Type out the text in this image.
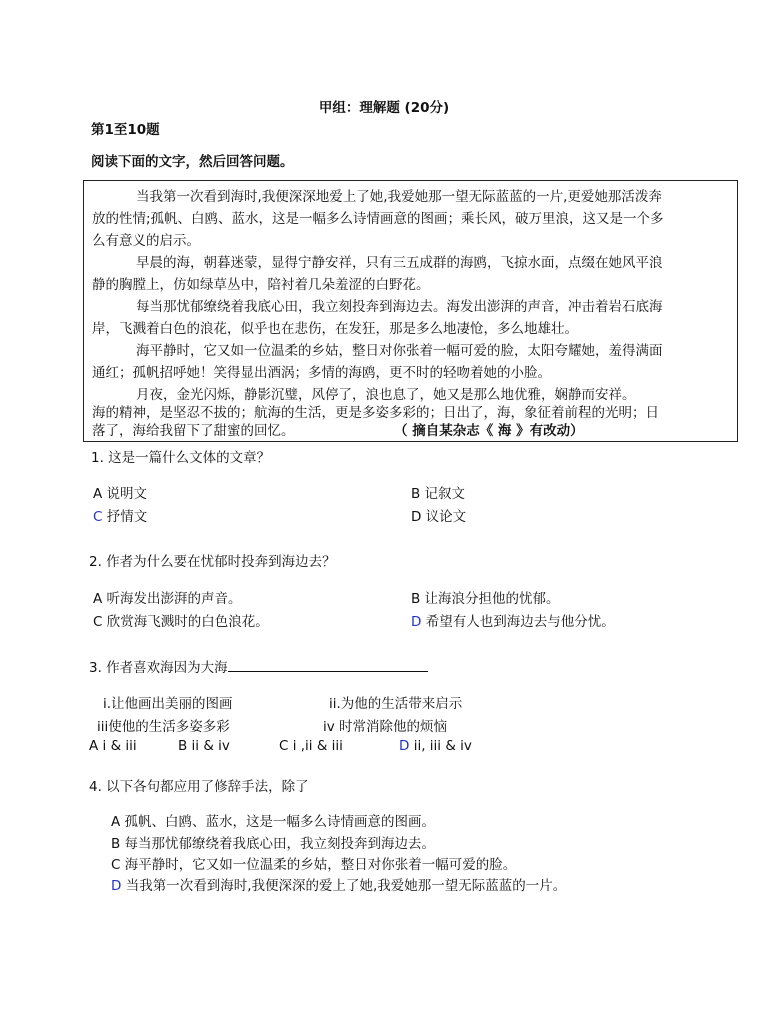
甲组：理解题 (20分)
第1至10题
阅读下面的文字，然后回答问题。
当我第一次看到海时,我便深深地爱上了她,我爱她那一望无际蓝蓝的一片,更爱她那活泼奔
放的性情;孤帆、白鸥、蓝水，这是一幅多么诗情画意的图画；乘长风，破万里浪，这又是一个多
么有意义的启示。
早晨的海，朝暮迷蒙，显得宁静安祥，只有三五成群的海鸥，飞掠水面，点缀在她风平浪
静的胸膛上，仿如绿草丛中，陪衬着几朵羞涩的白野花。
每当那忧郁缭绕着我底心田，我立刻投奔到海边去。海发出澎湃的声音，冲击着岩石底海
岸，飞溅着白色的浪花，似乎也在悲伤，在发狂，那是多么地凄怆，多么地雄壮。
海平静时，它又如一位温柔的乡姑，整日对你张着一幅可爱的脸，太阳夸耀她，羞得满面
通红；孤帆招呼她！笑得显出酒涡；多情的海鸥，更不时的轻吻着她的小脸。
月夜，金光闪烁，静影沉璧，风停了，浪也息了，她又是那么地优雅，娴静而安祥。
海的精神，是坚忍不拔的；航海的生活，更是多姿多彩的；日出了，海，象征着前程的光明；日
落了，海给我留下了甜蜜的回忆。	（ 摘自某杂志《 海 》有改动）
1. 这是一篇什么文体的文章？
A 说明文	B 记叙文
C 抒情文	D 议论文
2. 作者为什么要在忧郁时投奔到海边去？
A 听海发出澎湃的声音。	B 让海浪分担他的忧郁。
C 欣赏海飞溅时的白色浪花。	D 希望有人也到海边去与他分忧。
3. 作者喜欢海因为大海
i.让他画出美丽的图画	ii.为他的生活带来启示
iii使他的生活多姿多彩	iv 时常消除他的烦恼
A i & iii	B ii & iv	C i ,ii & iii	D ii, iii & iv
4. 以下各句都应用了修辞手法，除了
A 孤帆、白鸥、蓝水，这是一幅多么诗情画意的图画。
B 每当那忧郁缭绕着我底心田，我立刻投奔到海边去。
C 海平静时，它又如一位温柔的乡姑，整日对你张着一幅可爱的脸。
D 当我第一次看到海时,我便深深的爱上了她,我爱她那一望无际蓝蓝的一片。
